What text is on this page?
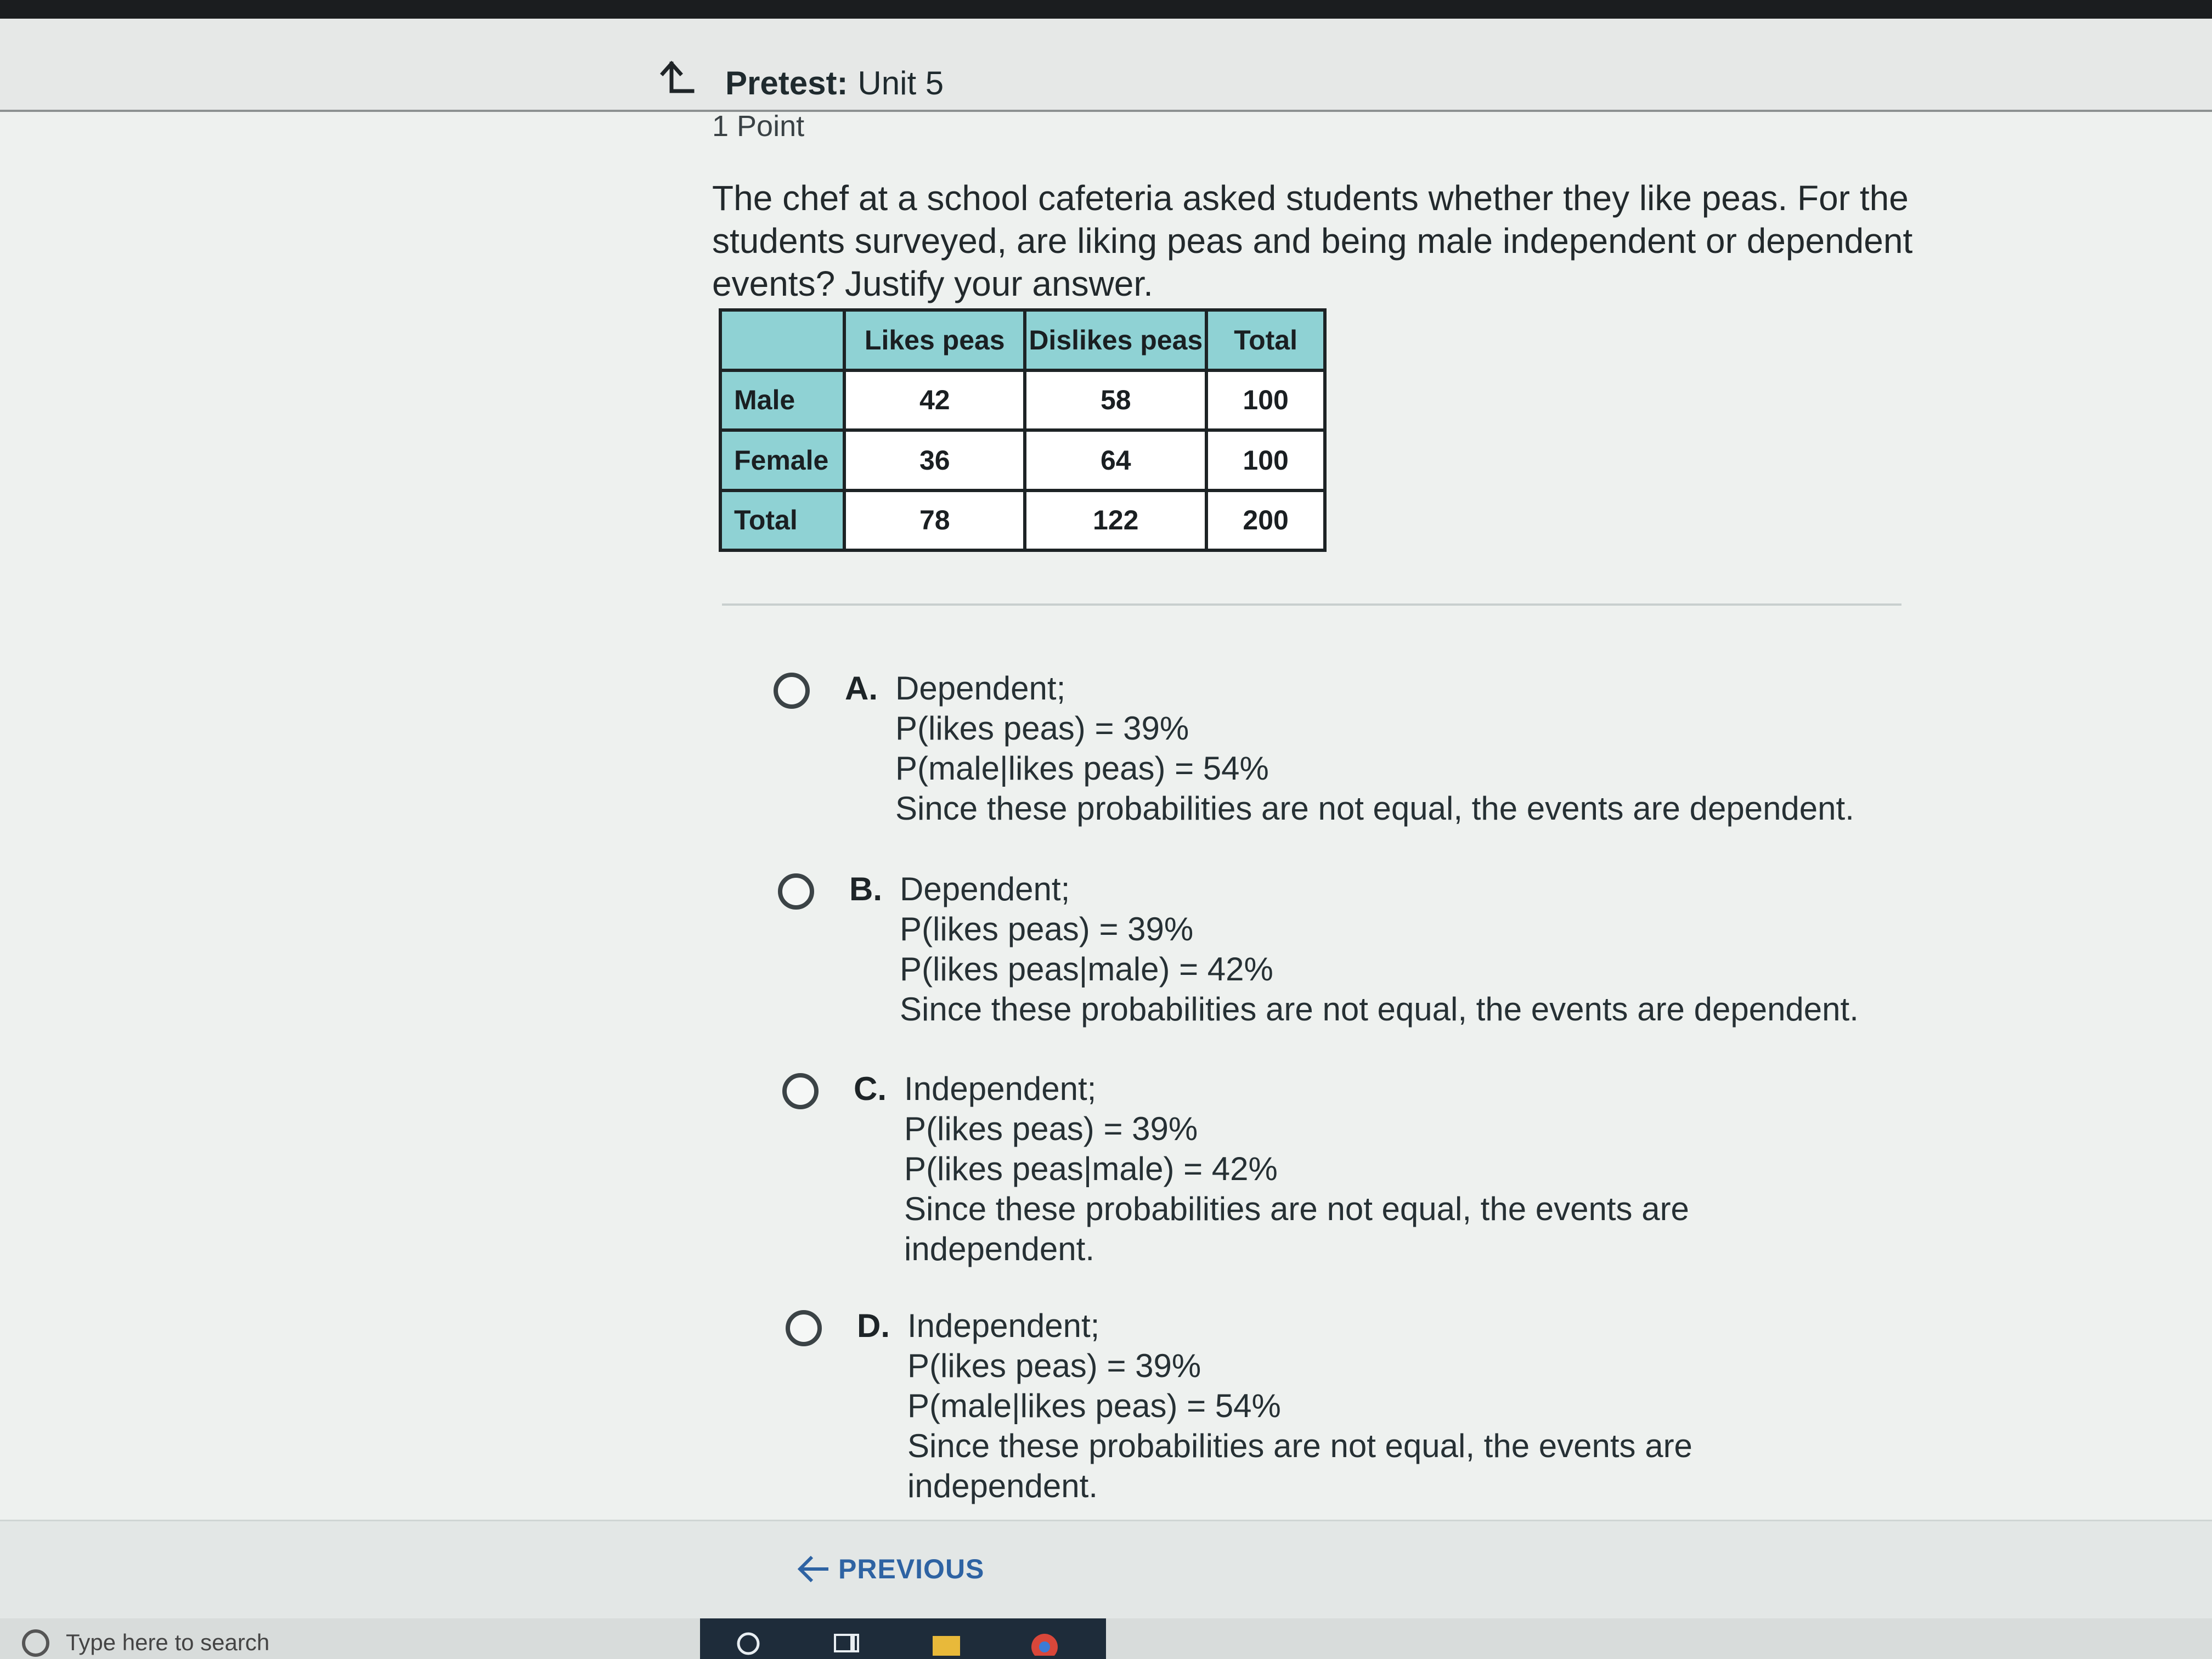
Pretest: Unit 5
1 Point
The chef at a school cafeteria asked students whether they like peas. For the students surveyed, are liking peas and being male independent or dependent events? Justify your answer.
	Likes peas	Dislikes peas	Total
Male	42	58	100
Female	36	64	100
Total	78	122	200
A. Dependent;
P(likes peas) = 39%
P(male|likes peas) = 54%
Since these probabilities are not equal, the events are dependent.
B. Dependent;
P(likes peas) = 39%
P(likes peas|male) = 42%
Since these probabilities are not equal, the events are dependent.
C. Independent;
P(likes peas) = 39%
P(likes peas|male) = 42%
Since these probabilities are not equal, the events are independent.
D. Independent;
P(likes peas) = 39%
P(male|likes peas) = 54%
Since these probabilities are not equal, the events are independent.
PREVIOUS
Type here to search
